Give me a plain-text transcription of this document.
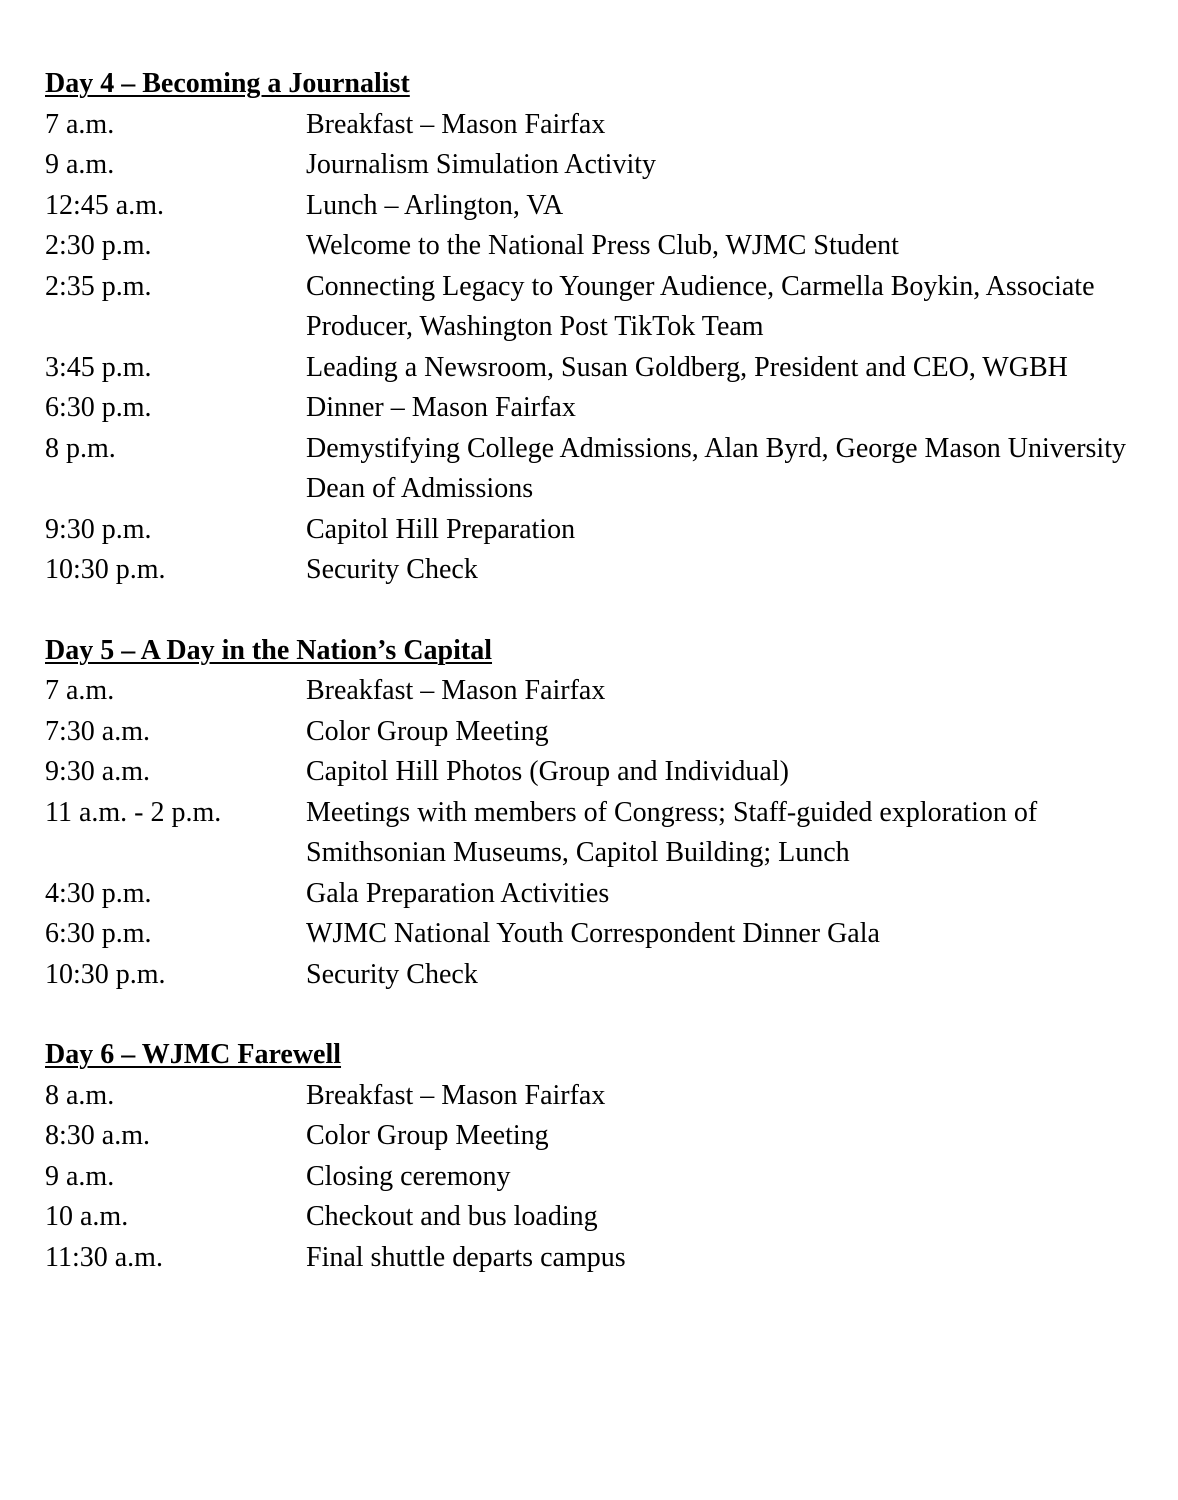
Day 4 – Becoming a Journalist
7 a.m.	Breakfast – Mason Fairfax
9 a.m.	Journalism Simulation Activity
12:45 a.m.	Lunch – Arlington, VA
2:30 p.m.	Welcome to the National Press Club, WJMC Student
2:35 p.m.	Connecting Legacy to Younger Audience, Carmella Boykin, Associate Producer, Washington Post TikTok Team
3:45 p.m.	Leading a Newsroom, Susan Goldberg, President and CEO, WGBH
6:30 p.m.	Dinner – Mason Fairfax
8 p.m.	Demystifying College Admissions, Alan Byrd, George Mason University Dean of Admissions
9:30 p.m.	Capitol Hill Preparation
10:30 p.m.	Security Check
Day 5 – A Day in the Nation’s Capital
7 a.m.	Breakfast – Mason Fairfax
7:30 a.m.	Color Group Meeting
9:30 a.m.	Capitol Hill Photos (Group and Individual)
11 a.m. - 2 p.m.	Meetings with members of Congress; Staff-guided exploration of Smithsonian Museums, Capitol Building; Lunch
4:30 p.m.	Gala Preparation Activities
6:30 p.m.	WJMC National Youth Correspondent Dinner Gala
10:30 p.m.	Security Check
Day 6 – WJMC Farewell
8 a.m.	Breakfast – Mason Fairfax
8:30 a.m.	Color Group Meeting
9 a.m.	Closing ceremony
10 a.m.	Checkout and bus loading
11:30 a.m.	Final shuttle departs campus
